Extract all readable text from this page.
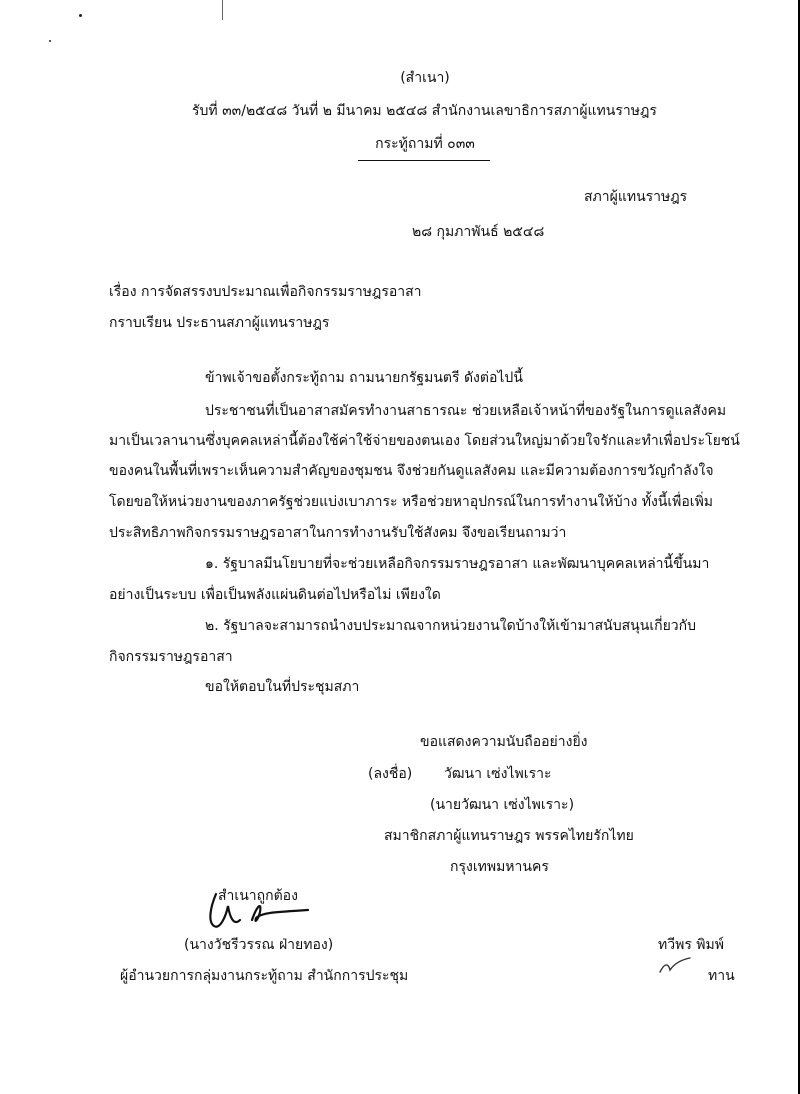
(สำเนา)
รับที่ ๓๓/๒๕๔๘ วันที่ ๒ มีนาคม ๒๕๔๘ สำนักงานเลขาธิการสภาผู้แทนราษฎร
กระทู้ถามที่ ๐๓๓
สภาผู้แทนราษฎร
๒๘ กุมภาพันธ์ ๒๕๔๘
เรื่อง การจัดสรรงบประมาณเพื่อกิจกรรมราษฎรอาสา
กราบเรียน ประธานสภาผู้แทนราษฎร
ข้าพเจ้าขอตั้งกระทู้ถาม ถามนายกรัฐมนตรี ดังต่อไปนี้
ประชาชนที่เป็นอาสาสมัครทำงานสาธารณะ ช่วยเหลือเจ้าหน้าที่ของรัฐในการดูแลสังคม
มาเป็นเวลานานซึ่งบุคคลเหล่านี้ต้องใช้ค่าใช้จ่ายของตนเอง โดยส่วนใหญ่มาด้วยใจรักและทำเพื่อประโยชน์
ของคนในพื้นที่เพราะเห็นความสำคัญของชุมชน จึงช่วยกันดูแลสังคม และมีความต้องการขวัญกำลังใจ
โดยขอให้หน่วยงานของภาครัฐช่วยแบ่งเบาภาระ หรือช่วยหาอุปกรณ์ในการทำงานให้บ้าง ทั้งนี้เพื่อเพิ่ม
ประสิทธิภาพกิจกรรมราษฎรอาสาในการทำงานรับใช้สังคม จึงขอเรียนถามว่า
๑. รัฐบาลมีนโยบายที่จะช่วยเหลือกิจกรรมราษฎรอาสา และพัฒนาบุคคลเหล่านี้ขึ้นมา
อย่างเป็นระบบ เพื่อเป็นพลังแผ่นดินต่อไปหรือไม่ เพียงใด
๒. รัฐบาลจะสามารถนำงบประมาณจากหน่วยงานใดบ้างให้เข้ามาสนับสนุนเกี่ยวกับ
กิจกรรมราษฎรอาสา
ขอให้ตอบในที่ประชุมสภา
ขอแสดงความนับถืออย่างยิ่ง
(ลงชื่อ) วัฒนา เซ่งไพเราะ
(นายวัฒนา เซ่งไพเราะ)
สมาชิกสภาผู้แทนราษฎร พรรคไทยรักไทย
กรุงเทพมหานคร
สำเนาถูกต้อง
(นางวัชรีวรรณ ฝ่ายทอง)
ผู้อำนวยการกลุ่มงานกระทู้ถาม สำนักการประชุม
ทวีพร พิมพ์
ทาน
